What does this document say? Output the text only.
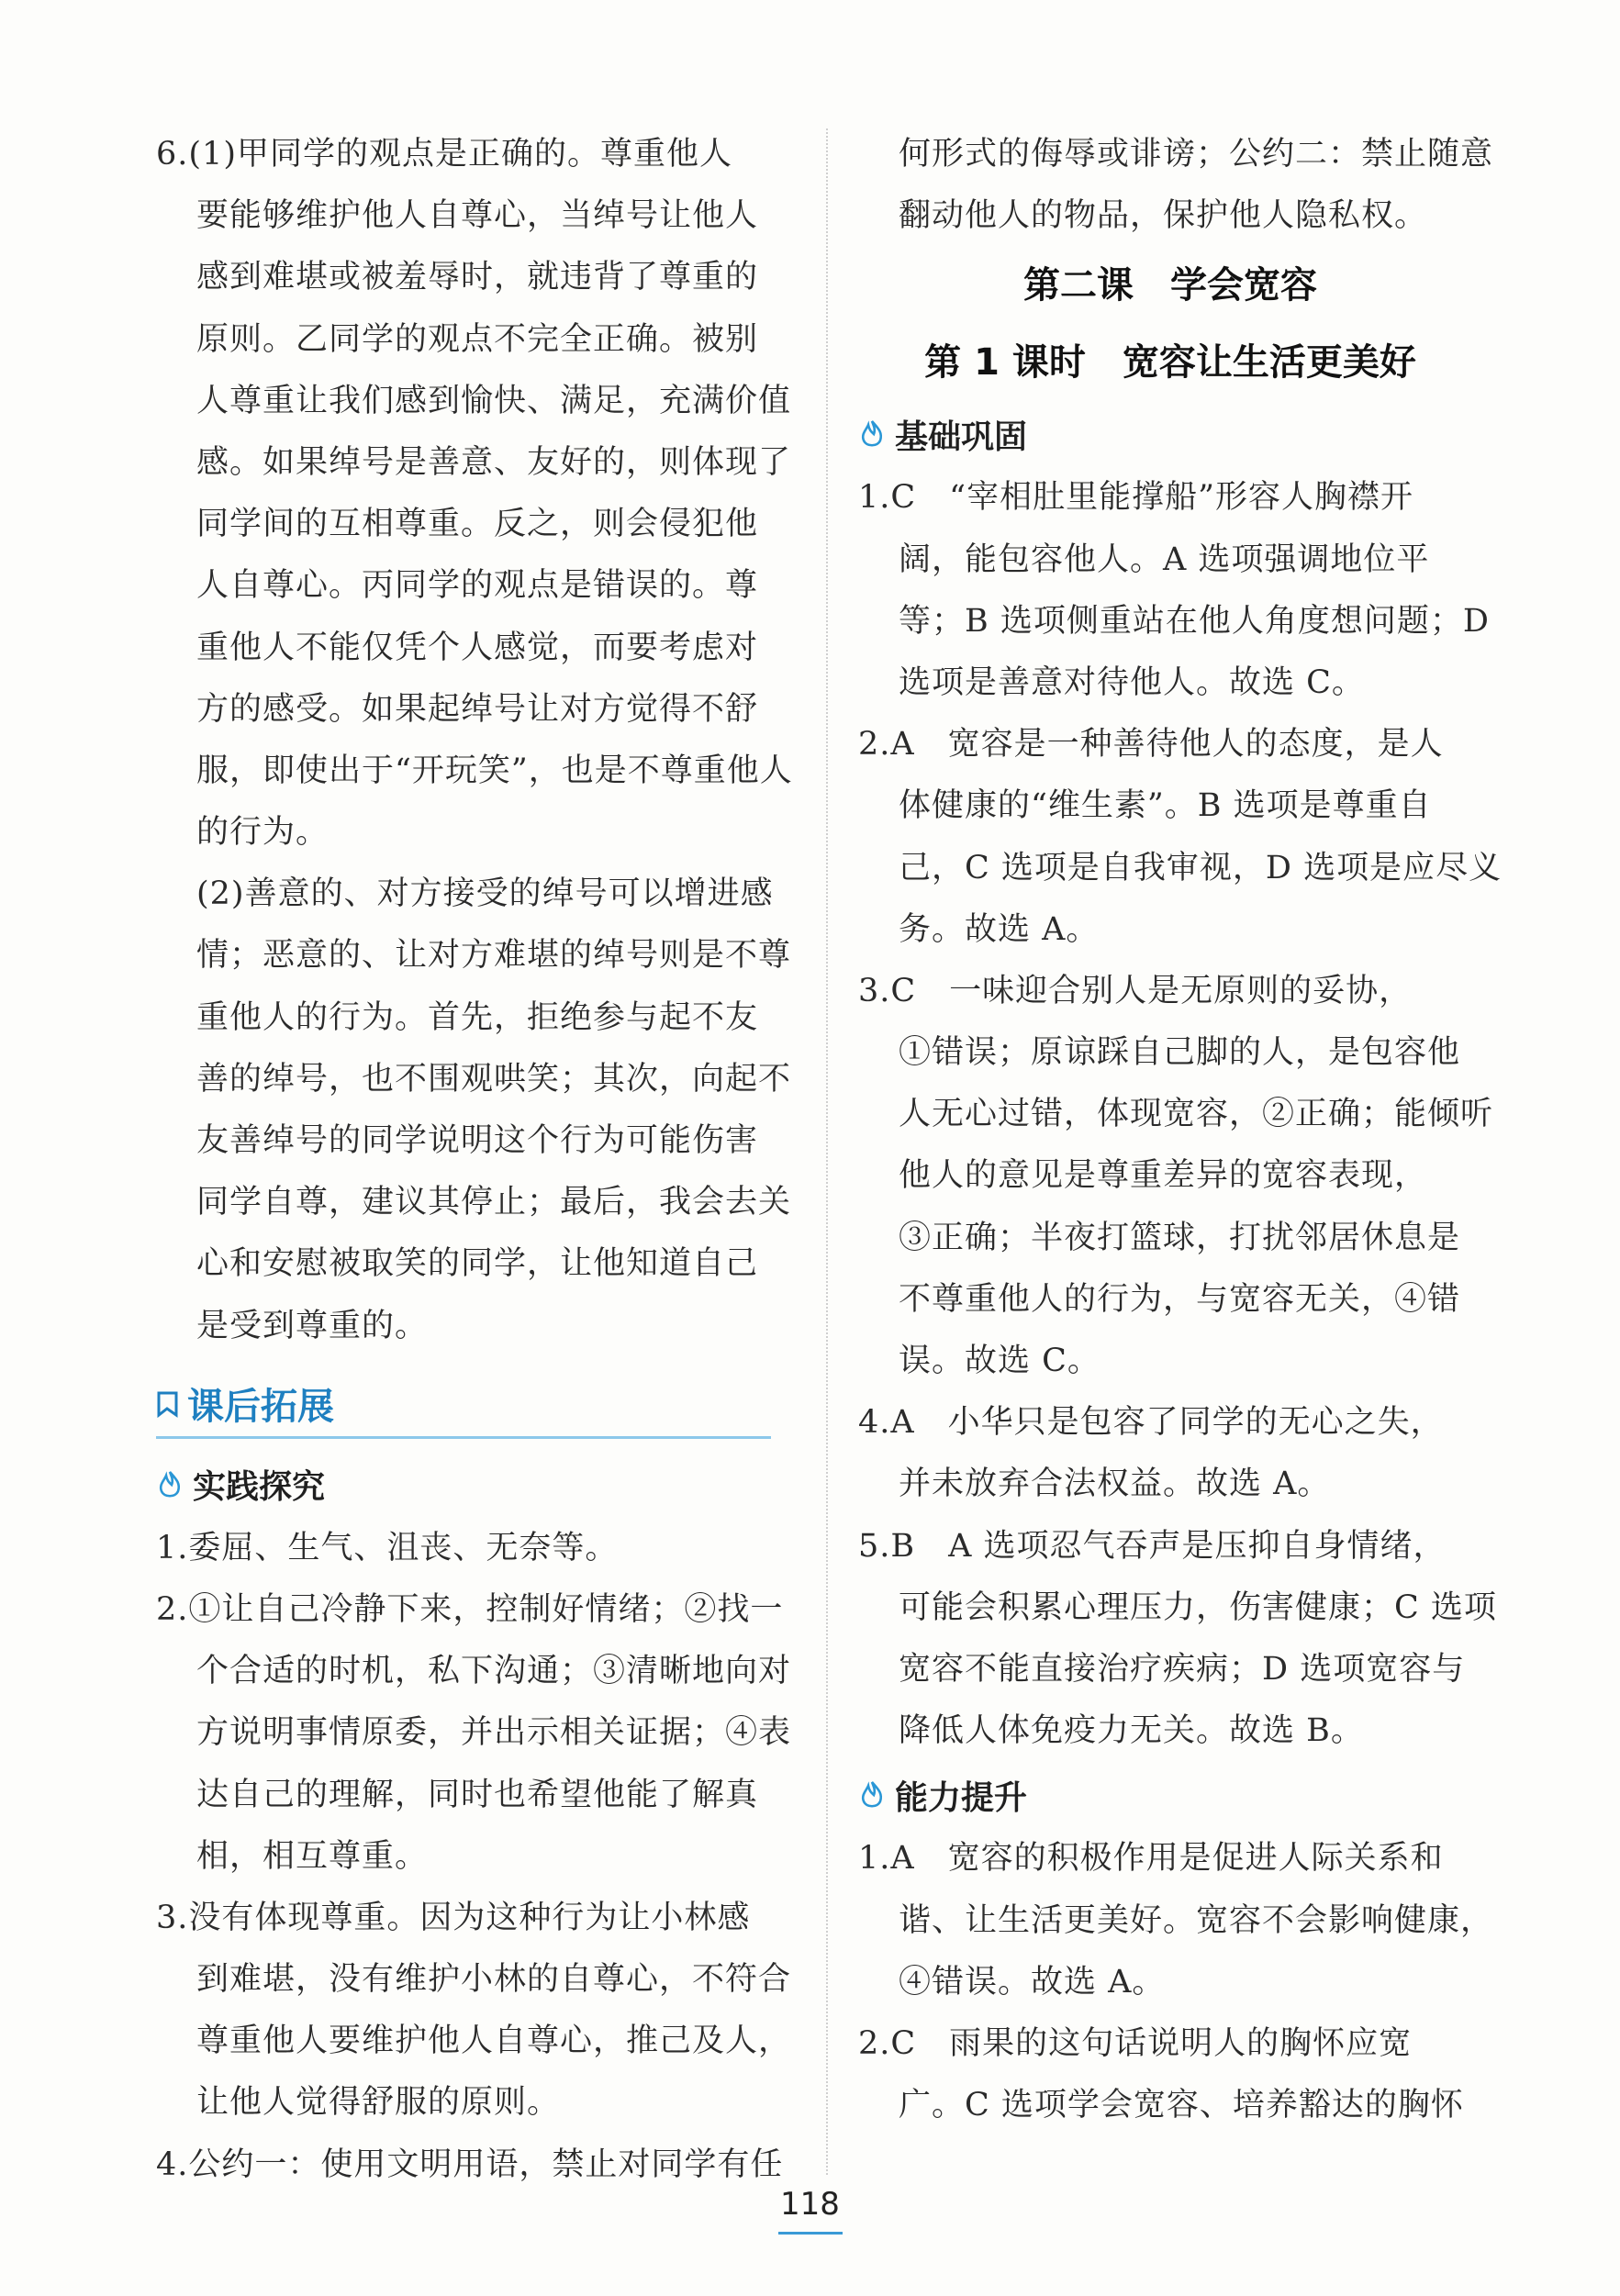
6.(1)甲同学的观点是正确的。尊重他人
要能够维护他人自尊心，当绰号让他人
感到难堪或被羞辱时，就违背了尊重的
原则。乙同学的观点不完全正确。被别
人尊重让我们感到愉快、满足，充满价值
感。如果绰号是善意、友好的，则体现了
同学间的互相尊重。反之，则会侵犯他
人自尊心。丙同学的观点是错误的。尊
重他人不能仅凭个人感觉，而要考虑对
方的感受。如果起绰号让对方觉得不舒
服，即使出于“开玩笑”，也是不尊重他人
的行为。
(2)善意的、对方接受的绰号可以增进感
情；恶意的、让对方难堪的绰号则是不尊
重他人的行为。首先，拒绝参与起不友
善的绰号，也不围观哄笑；其次，向起不
友善绰号的同学说明这个行为可能伤害
同学自尊，建议其停止；最后，我会去关
心和安慰被取笑的同学，让他知道自己
是受到尊重的。
课后拓展
实践探究
1.委屈、生气、沮丧、无奈等。
2.①让自己冷静下来，控制好情绪；②找一
个合适的时机，私下沟通；③清晰地向对
方说明事情原委，并出示相关证据；④表
达自己的理解，同时也希望他能了解真
相，相互尊重。
3.没有体现尊重。因为这种行为让小林感
到难堪，没有维护小林的自尊心，不符合
尊重他人要维护他人自尊心，推己及人，
让他人觉得舒服的原则。
4.公约一：使用文明用语，禁止对同学有任
何形式的侮辱或诽谤；公约二：禁止随意
翻动他人的物品，保护他人隐私权。
第二课　学会宽容
第 1 课时　宽容让生活更美好
基础巩固
1.C　“宰相肚里能撑船”形容人胸襟开
阔，能包容他人。A 选项强调地位平
等；B 选项侧重站在他人角度想问题；D
选项是善意对待他人。故选 C。
2.A　宽容是一种善待他人的态度，是人
体健康的“维生素”。B 选项是尊重自
己，C 选项是自我审视，D 选项是应尽义
务。故选 A。
3.C　一味迎合别人是无原则的妥协，
①错误；原谅踩自己脚的人，是包容他
人无心过错，体现宽容，②正确；能倾听
他人的意见是尊重差异的宽容表现，
③正确；半夜打篮球，打扰邻居休息是
不尊重他人的行为，与宽容无关，④错
误。故选 C。
4.A　小华只是包容了同学的无心之失，
并未放弃合法权益。故选 A。
5.B　A 选项忍气吞声是压抑自身情绪，
可能会积累心理压力，伤害健康；C 选项
宽容不能直接治疗疾病；D 选项宽容与
降低人体免疫力无关。故选 B。
能力提升
1.A　宽容的积极作用是促进人际关系和
谐、让生活更美好。宽容不会影响健康，
④错误。故选 A。
2.C　雨果的这句话说明人的胸怀应宽
广。C 选项学会宽容、培养豁达的胸怀
118
